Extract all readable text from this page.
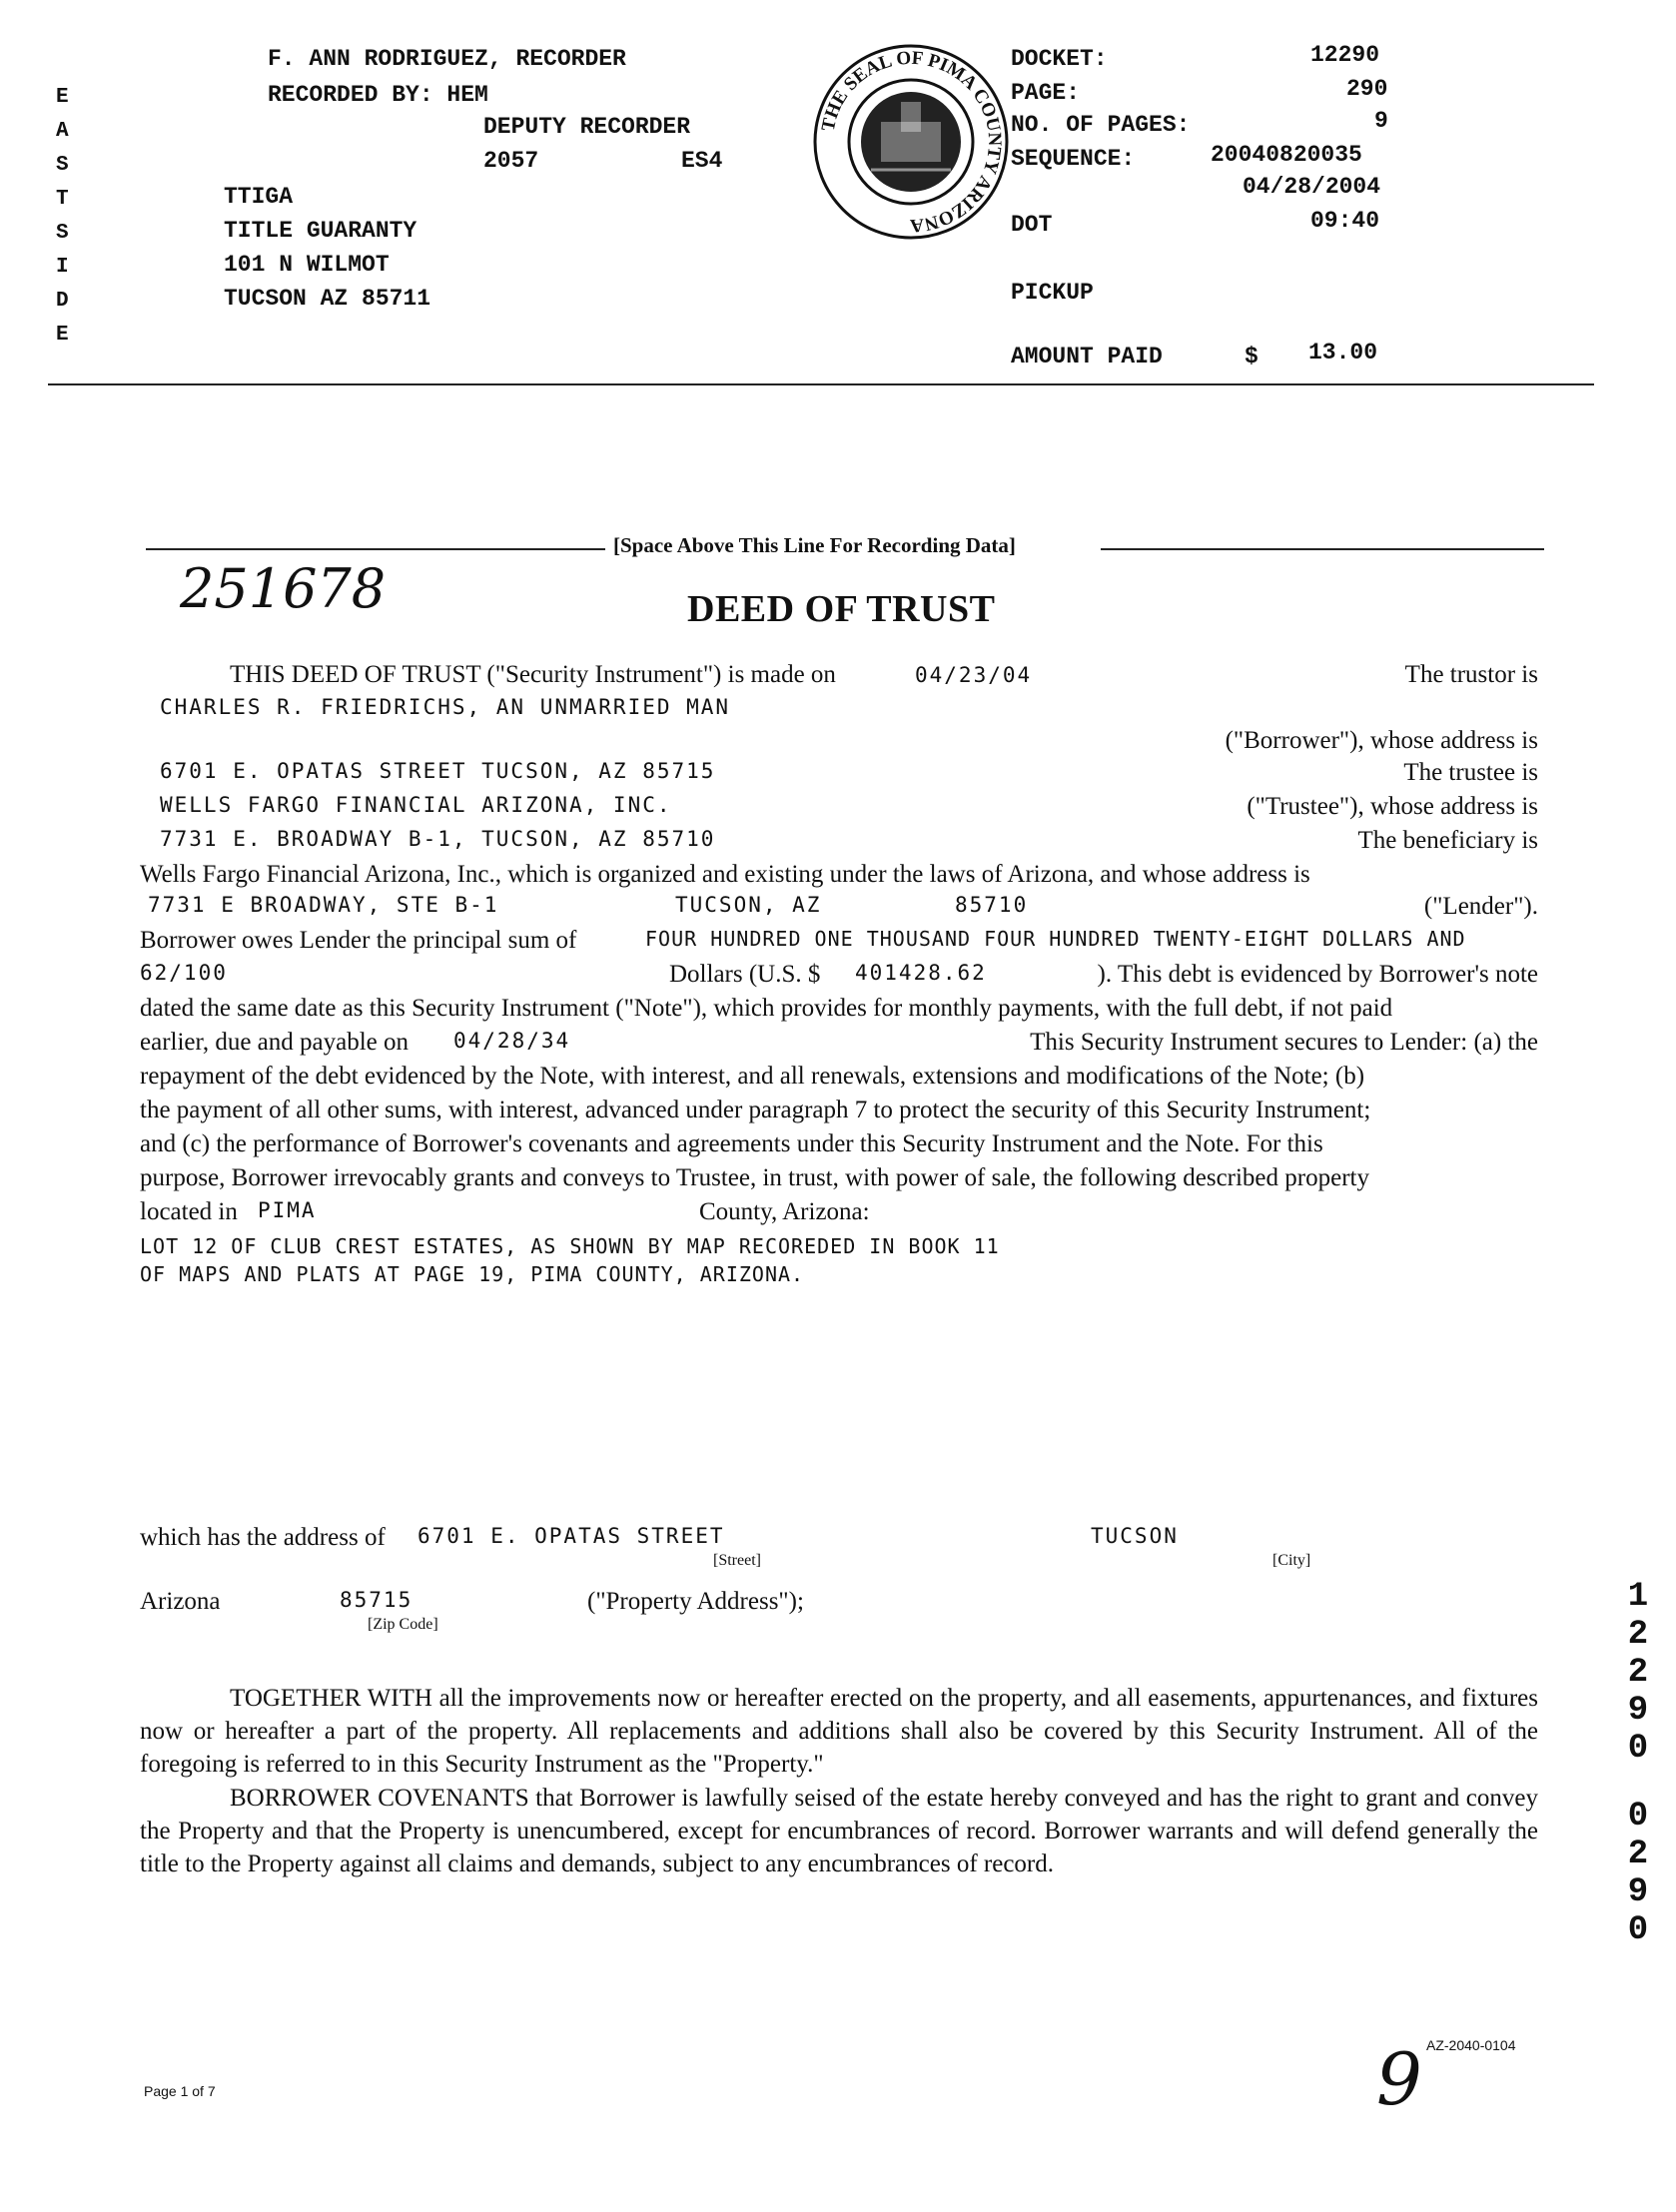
F. ANN RODRIGUEZ, RECORDER
RECORDED BY: HEM
DEPUTY RECORDER
2057	ES4
E
A
S
T
S
I
D
E
TTIGA
TITLE GUARANTY
101 N WILMOT
TUCSON AZ 85711
THE SEAL OF PIMA COUNTY ARIZONA
DOCKET:	12290
PAGE:	290
NO. OF PAGES:	9
SEQUENCE:	20040820035
04/28/2004
DOT	09:40
PICKUP
AMOUNT PAID	$ 13.00
[Space Above This Line For Recording Data]
251678	DEED OF TRUST
THIS DEED OF TRUST ("Security Instrument") is made on	04/23/04	The trustor is
CHARLES R. FRIEDRICHS, AN UNMARRIED MAN
("Borrower"), whose address is
6701 E. OPATAS STREET TUCSON, AZ 85715	The trustee is
WELLS FARGO FINANCIAL ARIZONA, INC.	("Trustee"), whose address is
7731 E. BROADWAY B-1, TUCSON, AZ 85710	The beneficiary is
Wells Fargo Financial Arizona, Inc., which is organized and existing under the laws of Arizona, and whose address is
7731 E BROADWAY, STE B-1	TUCSON, AZ	85710	("Lender").
Borrower owes Lender the principal sum of	FOUR HUNDRED ONE THOUSAND FOUR HUNDRED TWENTY-EIGHT DOLLARS AND
62/100	Dollars (U.S. $ 401428.62	). This debt is evidenced by Borrower's note
dated the same date as this Security Instrument ("Note"), which provides for monthly payments, with the full debt, if not paid
earlier, due and payable on 04/28/34	This Security Instrument secures to Lender: (a) the
repayment of the debt evidenced by the Note, with interest, and all renewals, extensions and modifications of the Note; (b)
the payment of all other sums, with interest, advanced under paragraph 7 to protect the security of this Security Instrument;
and (c) the performance of Borrower's covenants and agreements under this Security Instrument and the Note. For this
purpose, Borrower irrevocably grants and conveys to Trustee, in trust, with power of sale, the following described property
located in PIMA	County, Arizona:
LOT 12 OF CLUB CREST ESTATES, AS SHOWN BY MAP RECOREDED IN BOOK 11
OF MAPS AND PLATS AT PAGE 19, PIMA COUNTY, ARIZONA.
which has the address of 6701 E. OPATAS STREET	TUCSON
[Street]	[City]
Arizona	85715	("Property Address");
[Zip Code]
TOGETHER WITH all the improvements now or hereafter erected on the property, and all easements, appurtenances, and fixtures now or hereafter a part of the property. All replacements and additions shall also be covered by this Security Instrument. All of the foregoing is referred to in this Security Instrument as the "Property."
BORROWER COVENANTS that Borrower is lawfully seised of the estate hereby conveyed and has the right to grant and convey the Property and that the Property is unencumbered, except for encumbrances of record. Borrower warrants and will defend generally the title to the Property against all claims and demands, subject to any encumbrances of record.
1
2
2
9
0
0
2
9
0
Page 1 of 7	9 AZ-2040-0104
